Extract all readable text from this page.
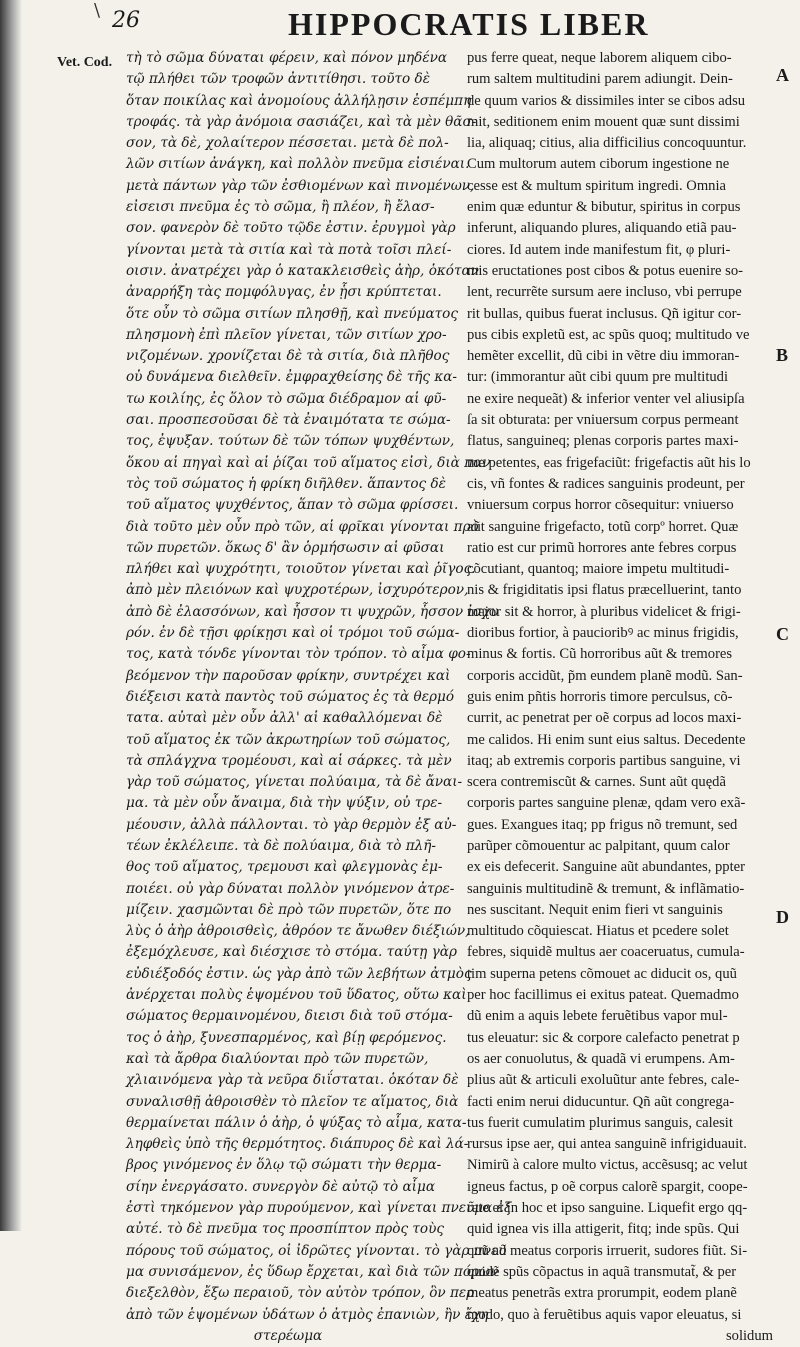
\ 26	HIPPOCRATIS LIBER
Vet. Cod. τὴ τὸ σῶμα δύναται φέρειν, καὶ πόνον μηδένα
τῷ πλήθει τῶν τροφῶν ἀντιτίθησι. τοῦτο δὲ
ὅταν ποικίλας καὶ ἀνομοίους ἀλλήλῃσιν ἐσπέμπη
τροφάς. τὰ γὰρ ἀνόμοια σασιάζει, καὶ τὰ μὲν θᾶσ-
σον, τὰ δὲ, χολαίτερον πέσσεται. μετὰ δὲ πολ-
λῶν σιτίων ἀνάγκη, καὶ πολλὸν πνεῦμα εἰσιέναι.
μετὰ πάντων γὰρ τῶν ἐσθιομένων καὶ πινομένων,
εἰσεισι πνεῦμα ἐς τὸ σῶμα, ἢ πλέον, ἢ ἔλασ-
σον. φανερὸν δὲ τοῦτο τῷδε ἐστιν. ἐρυγμοὶ γὰρ
γίνονται μετὰ τὰ σιτία καὶ τὰ ποτὰ τοῖσι πλεί-
οισιν. ἀνατρέχει γὰρ ὁ κατακλεισθεὶς ἀὴρ, ὁκόταν
ἀναρρήξη τὰς πομφόλυγας, ἐν ᾗσι κρύπτεται.
ὅτε οὖν τὸ σῶμα σιτίων πλησθῇ, καὶ πνεύματος
πλησμονὴ ἐπὶ πλεῖον γίνεται, τῶν σιτίων χρο-
νιζομένων. χρονίζεται δὲ τὰ σιτία, διὰ πλῆθος
οὐ δυνάμενα διελθεῖν. ἐμφραχθείσης δὲ τῆς κα-
τω κοιλίης, ἐς ὅλον τὸ σῶμα διέδραμον αἱ φῦ-
σαι. προσπεσοῦσαι δὲ τὰ ἐναιμότατα τε σώμα-
τος, ἐψυξαν. τούτων δὲ τῶν τόπων ψυχθέντων,
ὅκου αἱ πηγαὶ καὶ αἱ ῥίζαι τοῦ αἵματος εἰσὶ, διὰ παν
τὸς τοῦ σώματος ἡ φρίκη διῆλθεν. ἅπαντος δὲ
τοῦ αἵματος ψυχθέντος, ἅπαν τὸ σῶμα φρίσσει.
διὰ τοῦτο μὲν οὖν πρὸ τῶν, αἱ φρῖκαι γίνονται πρὸ
τῶν πυρετῶν. ὅκως δ' ἂν ὁρμήσωσιν αἱ φῦσαι
πλήθει καὶ ψυχρότητι, τοιοῦτον γίνεται καὶ ῥῖγος.
ἀπὸ μὲν πλειόνων καὶ ψυχροτέρων, ἰσχυρότερον,
ἀπὸ δὲ ἐλασσόνων, καὶ ἧσσον τι ψυχρῶν, ἧσσον ἰσχυ
ρόν. ἐν δὲ τῇσι φρίκῃσι καὶ οἱ τρόμοι τοῦ σώμα-
τος, κατὰ τόνδε γίνονται τὸν τρόπον. τὸ αἷμα φο-
βεόμενον τὴν παροῦσαν φρίκην, συντρέχει καὶ
διέξεισι κατὰ παντὸς τοῦ σώματος ἐς τὰ θερμό
τατα. αὐταὶ μὲν οὖν ἀλλ' αἱ καθαλλόμεναι δὲ
τοῦ αἵματος ἐκ τῶν ἀκρωτηρίων τοῦ σώματος,
τὰ σπλάγχνα τρομέουσι, καὶ αἱ σάρκες. τὰ μὲν
γὰρ τοῦ σώματος, γίνεται πολύαιμα, τὰ δὲ ἄναι-
μα. τὰ μὲν οὖν ἄναιμα, διὰ τὴν ψύξιν, οὐ τρε-
μέουσιν, ἀλλὰ πάλλονται. τὸ γὰρ θερμὸν ἐξ αὐ-
τέων ἐκλέλειπε. τὰ δὲ πολύαιμα, διὰ τὸ πλῆ-
θος τοῦ αἵματος, τρεμουσι καὶ φλεγμονὰς ἐμ-
ποιέει. οὐ γὰρ δύναται πολλὸν γινόμενον ἀτρε-
μίζειν. χασμῶνται δὲ πρὸ τῶν πυρετῶν, ὅτε πο
λὺς ὁ ἀὴρ ἀθροισθεὶς, ἀθρόον τε ἄνωθεν διέξιών,
ἐξεμόχλευσε, καὶ διέσχισε τὸ στόμα. ταύτῃ γὰρ
εὐδιέξοδός ἐστιν. ὡς γὰρ ἀπὸ τῶν λεβήτων ἀτμὸς
ἀνέρχεται πολὺς ἑψομένου τοῦ ὕδατος, οὕτω καὶ
σώματος θερμαινομένου, διεισι διὰ τοῦ στόμα-
τος ὁ ἀὴρ, ξυνεσπαρμένος, καὶ βίῃ φερόμενος.
καὶ τὰ ἄρθρα διαλύονται πρὸ τῶν πυρετῶν,
χλιαινόμενα γὰρ τὰ νεῦρα διΐσταται. ὁκόταν δὲ
συναλισθῇ ἀθροισθὲν τὸ πλεῖον τε αἵματος, διὰ
θερμαίνεται πάλιν ὁ ἀὴρ, ὁ ψύξας τὸ αἷμα, κατα-
ληφθεὶς ὑπὸ τῆς θερμότητος. διάπυρος δὲ καὶ λά-
βρος γινόμενος ἐν ὅλῳ τῷ σώματι τὴν θερμα-
σίην ἐνεργάσατο. συνεργὸν δὲ αὐτῷ τὸ αἷμα
ἐστὶ τηκόμενον γὰρ πυρούμενον, καὶ γίνεται πνεῦμα ἐξ
αὐτέ. τὸ δὲ πνεῦμα τος προσπίπτον πρὸς τοὺς
πόρους τοῦ σώματος, οἱ ἰδρῶτες γίνονται. τὸ γὰρ πνεῦ
μα συνισάμενον, ἐς ὕδωρ ἔρχεται, καὶ διὰ τῶν πόρων
διεξελθὸν, ἔξω περαιοῦ, τὸν αὐτὸν τρόπον, ὃν περ
ἀπὸ τῶν ἑψομένων ὑδάτων ὁ ἀτμὸς ἐπανιὼν, ἢν ἔχη
στερέωμα
pus ferre queat, neque laborem aliquem cibo-
rum saltem multitudini parem adiungit. Dein-
de quum varios & dissimiles inter se cibos adsu
mit, seditionem enim mouent quæ sunt dissimi
lia, aliquaq; citius, alia difficilius concoquuntur.
Cum multorum autem ciborum ingestione ne
cesse est & multum spiritum ingredi. Omnia
enim quæ eduntur & bibutur, spiritus in corpus
inferunt, aliquando plures, aliquando etiã pau-
ciores. Id autem inde manifestum fit, φ pluri-
mis eructationes post cibos & potus euenire so-
lent, recurrẽte sursum aere incluso, vbi perrupe
rit bullas, quibus fuerat inclusus. Qñ igitur cor-
pus cibis expletũ est, ac spũs quoq; multitudo ve
hemẽter excellit, dũ cibi in vẽtre diu immoran-
tur: (immorantur aũt cibi quum pre multitudi
ne exire nequeãt) & inferior venter vel aliusipſa
ſa sit obturata: per vniuersum corpus permeant
flatus, sanguineq; plenas corporis partes maxi-
me petentes, eas frigefaciũt: frigefactis aũt his lo
cis, vñ fontes & radices sanguinis prodeunt, per
vniuersum corpus horror cõsequitur: vniuerso
aũt sanguine frigefacto, totũ corpº horret. Quæ
ratio est cur primũ horrores ante febres corpus
cõcutiant, quantoq; maiore impetu multitudi-
nis & frigiditatis ipsi flatus præcelluerint, tanto
maior sit & horror, à pluribus videlicet & frigi-
dioribus fortior, à paucioribꝰ ac minus frigidis,
minus & fortis. Cũ horroribus aũt & tremores
corporis accidũt, p̃m eundem planẽ modũ. San-
guis enim pñtis horroris timore perculsus, cõ-
currit, ac penetrat per oẽ corpus ad locos maxi-
me calidos. Hi enim sunt eius saltus. Decedente
itaq; ab extremis corporis partibus sanguine, vi
scera contremiscũt & carnes. Sunt aũt quędã
corporis partes sanguine plenæ, qdam vero exã-
gues. Exangues itaq; pp frigus nõ tremunt, sed
parũper cõmouentur ac palpitant, quum calor
ex eis defecerit. Sanguine aũt abundantes, ppter
sanguinis multitudinẽ & tremunt, & inflãmatio-
nes suscitant. Nequit enim fieri vt sanguinis
multitudo cõquiescat. Hiatus et pcedere solet
febres, siquidẽ multus aer coaceruatus, cumula-
tim superna petens cõmouet ac diducit os, quũ
per hoc facillimus ei exitus pateat. Quemadmo
dũ enim a aquis lebete feruẽtibus vapor mul-
tus eleuatur: sic & corpore calefacto penetrat p
os aer conuolutus, & quadã vi erumpens. Am-
plius aũt & articuli exoluũtur ante febres, cale-
facti enim nerui diducuntur. Qñ aũt congrega-
tus fuerit cumulatim plurimus sanguis, calesit
rursus ipse aer, qui antea sanguinẽ infrigiduauit.
Nimirũ à calore multo victus, accẽsusq; ac velut
igneus factus, p oẽ corpus calorẽ spargit, coope-
rate ei in hoc et ipso sanguine. Liquefit ergo qq-
quid ignea vis illa attigerit, fitq; inde spũs. Qui
quũ ad meatus corporis irruerit, sudores fiũt. Si-
quidẽ spũs cõpactus in aquã transmutat̃, & per
meatus penetrãs extra prorumpit, eodem planẽ
modo, quo à feruẽtibus aquis vapor eleuatus, si
solidum
A
B
C
D
